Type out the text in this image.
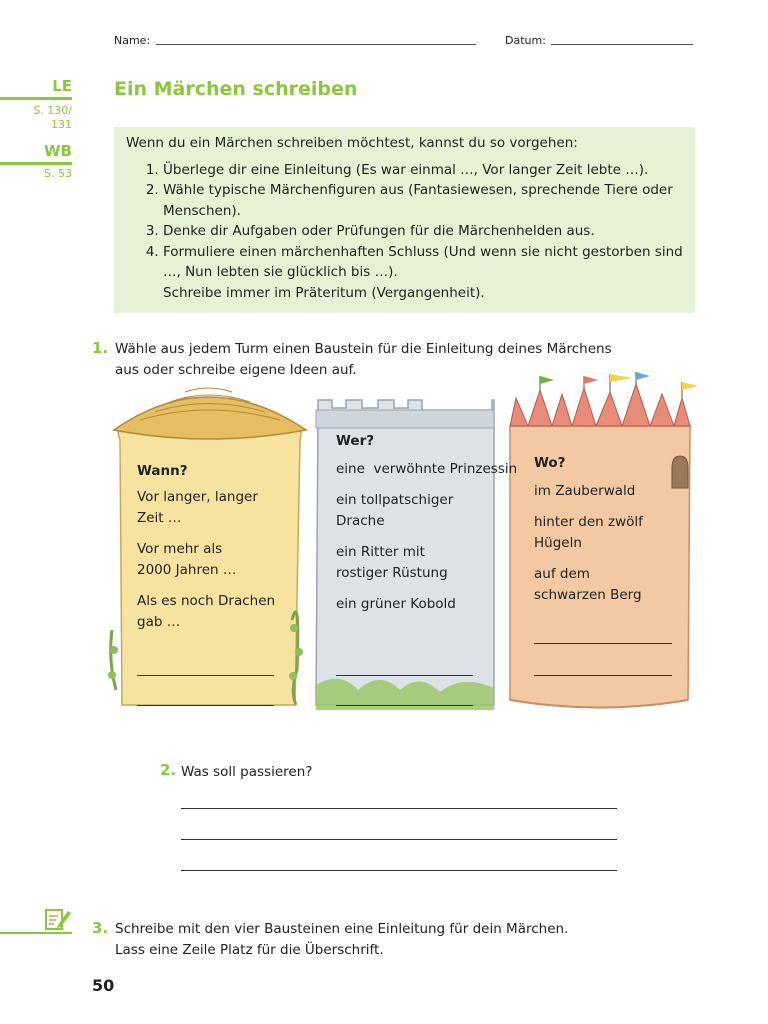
Name:	Datum:
LE
S. 130/
131
WB
S. 53
Ein Märchen schreiben

Wenn du ein Märchen schreiben möchtest, kannst du so vorgehen:

1. Überlege dir eine Einleitung (Es war einmal …, Vor langer Zeit lebte …).
2. Wähle typische Märchenfiguren aus (Fantasiewesen, sprechende Tiere oder Menschen).
3. Denke dir Aufgaben oder Prüfungen für die Märchenhelden aus.
4. Formuliere einen märchenhaften Schluss (Und wenn sie nicht gestorben sind …, Nun lebten sie glücklich bis …).
Schreibe immer im Präteritum (Vergangenheit).
1. Wähle aus jedem Turm einen Baustein für die Einleitung deines Märchens aus oder schreibe eigene Ideen auf.
Wann?
Vor langer, langer Zeit …
Vor mehr als 2000 Jahren …
Als es noch Drachen gab …
Wer?
eine  verwöhnte Prinzessin
ein tollpatschiger Drache
ein Ritter mit rostiger Rüstung
ein grüner Kobold
Wo?
im Zauberwald
hinter den zwölf Hügeln
auf dem schwarzen Berg
2. Was soll passieren?
3. Schreibe mit den vier Bausteinen eine Einleitung für dein Märchen.
Lass eine Zeile Platz für die Überschrift.
50
